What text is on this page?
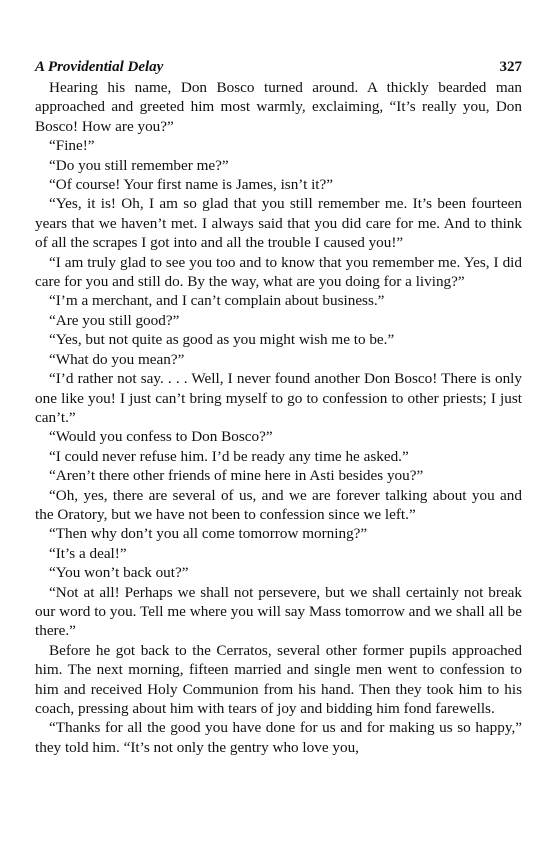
A Providential Delay	327

Hearing his name, Don Bosco turned around. A thickly bearded man approached and greeted him most warmly, exclaiming, “It’s really you, Don Bosco! How are you?”

“Fine!”

“Do you still remember me?”

“Of course! Your first name is James, isn’t it?”

“Yes, it is! Oh, I am so glad that you still remember me. It’s been fourteen years that we haven’t met. I always said that you did care for me. And to think of all the scrapes I got into and all the trouble I caused you!”

“I am truly glad to see you too and to know that you remember me. Yes, I did care for you and still do. By the way, what are you doing for a living?”

“I’m a merchant, and I can’t complain about business.”

“Are you still good?”

“Yes, but not quite as good as you might wish me to be.”

“What do you mean?”

“I’d rather not say. . . . Well, I never found another Don Bosco! There is only one like you! I just can’t bring myself to go to confession to other priests; I just can’t.”

“Would you confess to Don Bosco?”

“I could never refuse him. I’d be ready any time he asked.”

“Aren’t there other friends of mine here in Asti besides you?”

“Oh, yes, there are several of us, and we are forever talking about you and the Oratory, but we have not been to confession since we left.”

“Then why don’t you all come tomorrow morning?”

“It’s a deal!”

“You won’t back out?”

“Not at all! Perhaps we shall not persevere, but we shall certainly not break our word to you. Tell me where you will say Mass tomorrow and we shall all be there.”

Before he got back to the Cerratos, several other former pupils approached him. The next morning, fifteen married and single men went to confession to him and received Holy Communion from his hand. Then they took him to his coach, pressing about him with tears of joy and bidding him fond farewells.

“Thanks for all the good you have done for us and for making us so happy,” they told him. “It’s not only the gentry who love you,
